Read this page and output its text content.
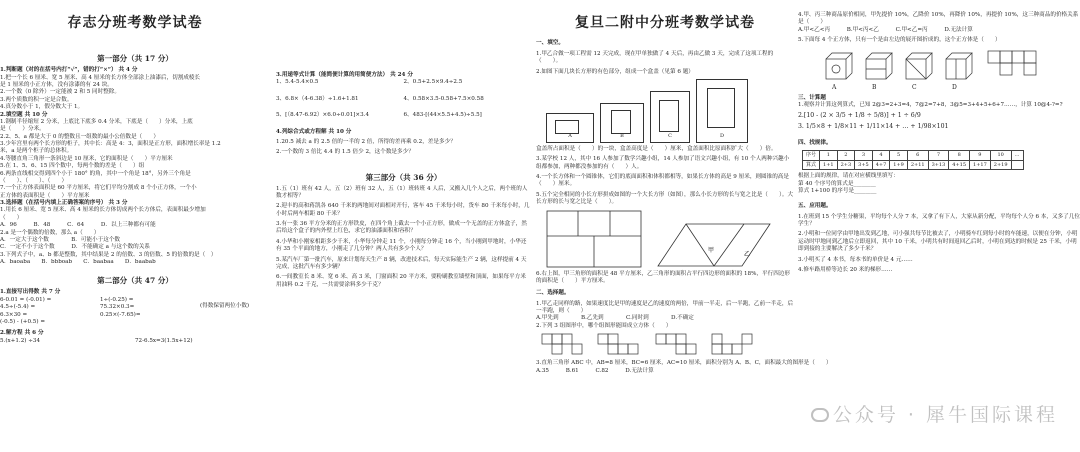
存志分班考数学试卷
第一部分（共 17 分）
1.判断题（对的在括号内打“√”，错的打“×”） 共 4 分
1.把一个长 6 厘米、宽 5 厘米、高 4 厘米的长方体全部涂上油漆后，切割成棱长
是 1 厘米的小正方体，没有涂漆的有 24 块。
2.一个数（0 除外）一定能被 2 和 5 同时整除。
3.两个质数的积一定是合数。
4.真分数小于 1，假分数大于 1。
2.填空题 共 10 分
1.钢制半径缩短 2 分米，上底比下底多 0.4 分米，下底是（　　）分米，上底
是（　　）分米。
2.2、5、a 都是大于 0 的整数且一组数的最小公倍数是（　　）
3.少年宫里有两个长方形的柜子，其中长：高是 4：3，面积是正方形，面积增长率是 1.2
米，a 是两个柜子的总体积。
4.等腰直角三角形一条斜边是 10 厘米，它的面积是（　　）平方厘米
5.在 1、5、6、15 四个数中，每两个数的差是（　　）组
6.两条直线相交得到四个小于 180° 的角，其中一个角是 18°，另外三个角是
（　　）、（　　）、（　　）
7.一个正方体表面积是 60 平方厘米，将它们平均分割成 8 个小正方体，一个小
正方体的表面积是（　　）平方厘米
3.选择题（在括号内填上正确答案的序号） 共 3 分
1.用长 6 厘米、宽 5 厘米、高 4 厘米的长方体切成两个长方体后，表面积最少增加
（　　）
A．96　　　B．48　　　C．64　　　D．以上三种都有可能
2.a 是一个偶数的倍数，那么 a（　　）
A．一定大于这个数　　　　B．可能小于这个数
C．一定不小于这个数　　　D．不能确定 a 与这个数的关系
3.下列式子中，a、b 都是整数，其中结果是 2 的倍数、3 的倍数、5 的倍数的是（　）
A．baoaba　　B．bbboab　　C．baabaa　　D．baabab
第二部分（共 47 分）
1.直接写出得数 共 7 分
6-0.01 = (-0.01) =
4.5÷(-5.4) =
6.3×30 =
(-0.5) - (+0.5) =
1÷(-0.25) =
75.32×0.3=
0.25×(-7.65)=
(得数保留两位小数)
2.解方程 共 6 分
5.(x+1.2) ÷34	72-6.5x=3(1.5x+12)
3.用递等式计算（能简便计算的用简便方法） 共 24 分
1、5.4-5.4×0.5	2、0.5+2.5×9.4÷2.5
3、6.8×（4-6.38）÷1.6+1.81	4、0.58×3.5-0.58+7.5×0.58
5、[（8.47-6.92）×6.0÷0.01]×3.4	6、483-[(44×5.5+4.5)÷5.5]
4.列综合式或方程解 共 10 分
1.20.5 减去 a 的 2.5 倍的一半的 2 倍，所得的差再乘 0.2，差是多少？
2.一个数的 3 倍比 4.4 的 1.5 倍少 2，这个数是多少？
第三部分（共 36 分）
1.五（1）班有 42 人，五（2）班有 32 人，五（1）班转班 4 人后，又搬入几个人之后，两个班的人数才相等？
2.迎丰的高和蒋凯各 640 千米的两地间对面相对开行，客车 45 千米每小时，货车 80 千米每小时，几小时后两车相距 80 千米？
3.有一张 36 平方分米的正方形铁皮，在四个角上截去一个小正方形，做成一个无盖的正方体盒子，然后给这个盒子的内外壁上红色，求它的油漆面积和容积？
4.小华和小刚家相距多少千米，小华每分钟走 11 个，小刚每分钟走 16 个，当小刚到甲地时，小华还有 35 个平面的地方，小刚走了几分钟？两人共有多少个人？
5.某汽车厂第一批汽车，原来计划每天生产 8 辆，改进技术后，每天实际能生产 2 辆，这样提前 4 天完成，这批汽车有多少辆？
6.一间教室长 8 米、宽 6 米、高 3 米，门窗面积 20 平方米，要粉刷教室墙壁和顶面，如果每平方米用油料 0.2 千克，一共需要涂料多少千克？
复旦二附中分班考数学试卷
一、填空。
1.甲乙合做一项工程需 12 天完成，现在甲单独做了 4 天后，再由乙做 3 天，完成了这项工程的（　　）。
2.如图下面几块长方形的有色部分，组成一个盒盖（见第 6 题）
A	B	C	D
盒盖所占面积是（　　）的一块，盒盖高度是（　　）厘米，盒盖面积比原面积扩大（　　）倍。
3.某学校 12 人，其中 16 人参加了数学兴趣小组，14 人参加了语文兴趣小组，有 10 个人两种兴趣小组都参加，两种都没参加的有（　　）人。
4.一个长方体和一个圆锥体，它们的底面面积和体积都相等，如果长方体的高是 9 厘米，则圆锥的高是（　　）厘米。
5.五个完全相同的小长方形拼成如图的一个大长方形（如图），那么小长方形的长与宽之比是（　　）。大长方形的长与宽之比是（　　）。
甲
乙
6.右上图，甲三角形的面积是 48 平方厘米，乙三角形的面积占平行四边形的面积的 18%，平行四边形的面积是（　　）平方厘米。
二、选择题。
1.甲乙走同样的路，如果速度比是甲的速度是乙的速度的两倍，甲前一半走，后一半跑，乙前一半走，后一半跑，则（　　）
A.甲先到　　　　B.乙先到　　　　C.同时到　　　　D.不确定
2.下列 3 组图形中，哪个组图形能围成立方体（　　）
3.直角三角形 ABC 中，AB=8 厘米，BC=6 厘米，AC=10 厘米，面积分别为 A、B、C，面积最大的图形是（　　）
A.35　　　B.61　　　C.82　　　D.无法计算
4.甲、丙三种商品原价相同，甲先提价 10%，乙降价 10%，再降价 10%，再提价 10%，这三种商品的价格关系是（　　）
A.甲<乙<丙　　　B.甲<丙<乙　　　C.甲<乙=丙　　　D.无法计算
5.下面每 4 个正方体，只有一个是由左边的展开图折成的，这个正方体是（　　）
A	B	C	D
三、计算题
1.观察并计算这列算式，已知 2@3=2+3=4，7@2=7+8，3@5=3+4+5+6+7……，计算 10@4-?=?
2.[10 - (2 × 3/5 + 1/8 ÷ 5/8)] + 1 ÷ 6/9
3. 1/5×8 + 1/8×11 + 1/11×14 + … + 1/98×101
四、找规律。
序号	1	2	3	4	5	6	7	8	9	10	…
算式	1+1	2+3	3+5	4+7	1+9	2+11	3+13	4+15	1+17	2+19	
根据上面的规律，请在对应横线里填写：
第 40 个序号的算式是________
算式 1+100 的序号是________
五、应用题。
1.在班到 15 个学生分糖果，平均每个人分 7 本，又拿了有下人，大家从新分配，平均每个人分 6 本，又多了几位学生？
2.小明和一位同学由甲地出发到乙地，可小强共每节比被去了，小明骑车红到每小时的车能速，以便在分钟，小明运动时甲地同到乙地后立即返回，其中 10 千米，小明共有时间返回乙后时，小明在到达的时候是 25 千米，小明即到接的主要解决了多少千米？
3.小明买了 4 本书，每本书的单价是 4 元……
4.修车路用桥等边长 20 米的梯形……
公众号 · 犀牛国际课程
